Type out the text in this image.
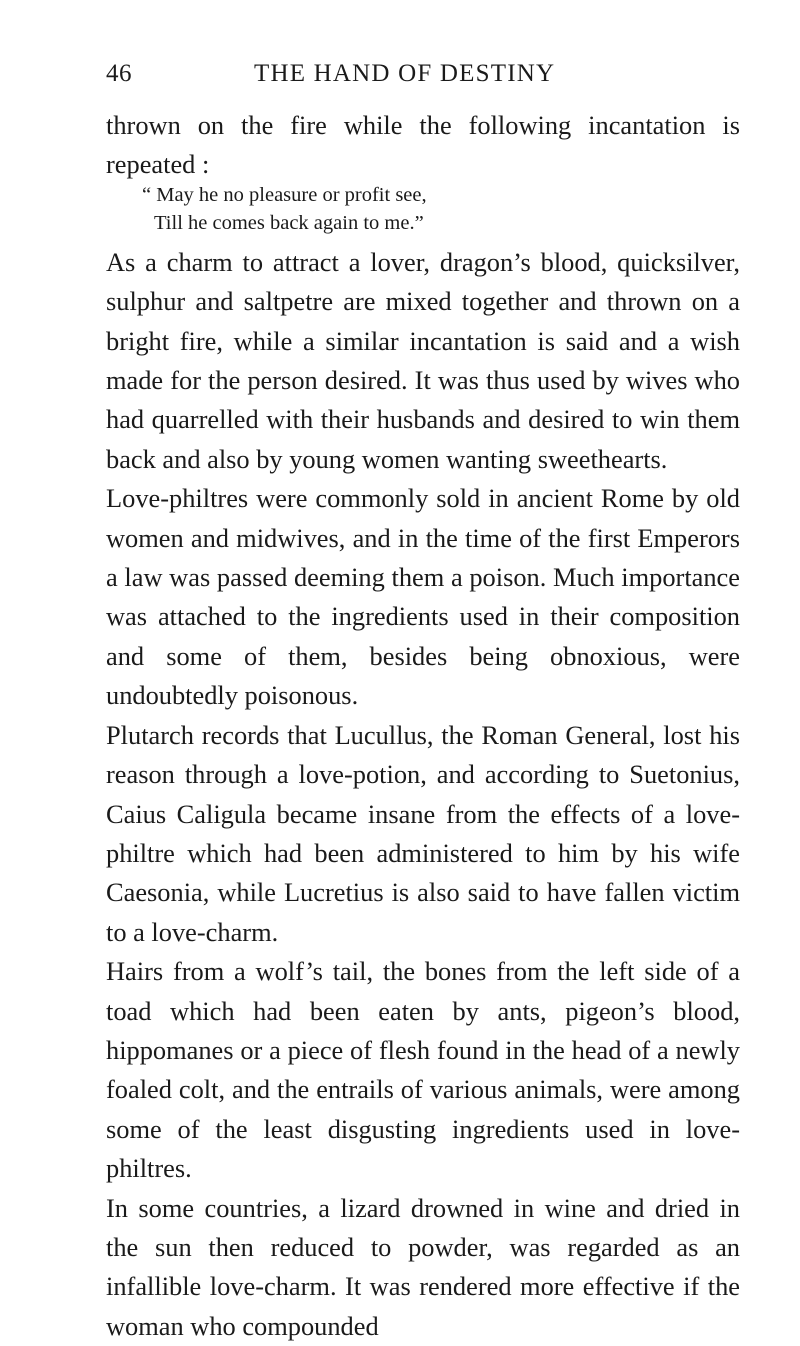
46	THE HAND OF DESTINY

thrown on the fire while the following incantation is repeated :

“ May he no pleasure or profit see,
Till he comes back again to me.”

As a charm to attract a lover, dragon’s blood, quicksilver, sulphur and saltpetre are mixed together and thrown on a bright fire, while a similar incantation is said and a wish made for the person desired. It was thus used by wives who had quarrelled with their husbands and desired to win them back and also by young women wanting sweethearts.

Love-philtres were commonly sold in ancient Rome by old women and midwives, and in the time of the first Emperors a law was passed deeming them a poison. Much importance was attached to the ingredients used in their composition and some of them, besides being obnoxious, were undoubtedly poisonous.

Plutarch records that Lucullus, the Roman General, lost his reason through a love-potion, and according to Suetonius, Caius Caligula became insane from the effects of a love-philtre which had been administered to him by his wife Caesonia, while Lucretius is also said to have fallen victim to a love-charm.

Hairs from a wolf’s tail, the bones from the left side of a toad which had been eaten by ants, pigeon’s blood, hippomanes or a piece of flesh found in the head of a newly foaled colt, and the entrails of various animals, were among some of the least disgusting ingredients used in love-philtres.

In some countries, a lizard drowned in wine and dried in the sun then reduced to powder, was regarded as an infallible love-charm. It was rendered more effective if the woman who compounded
